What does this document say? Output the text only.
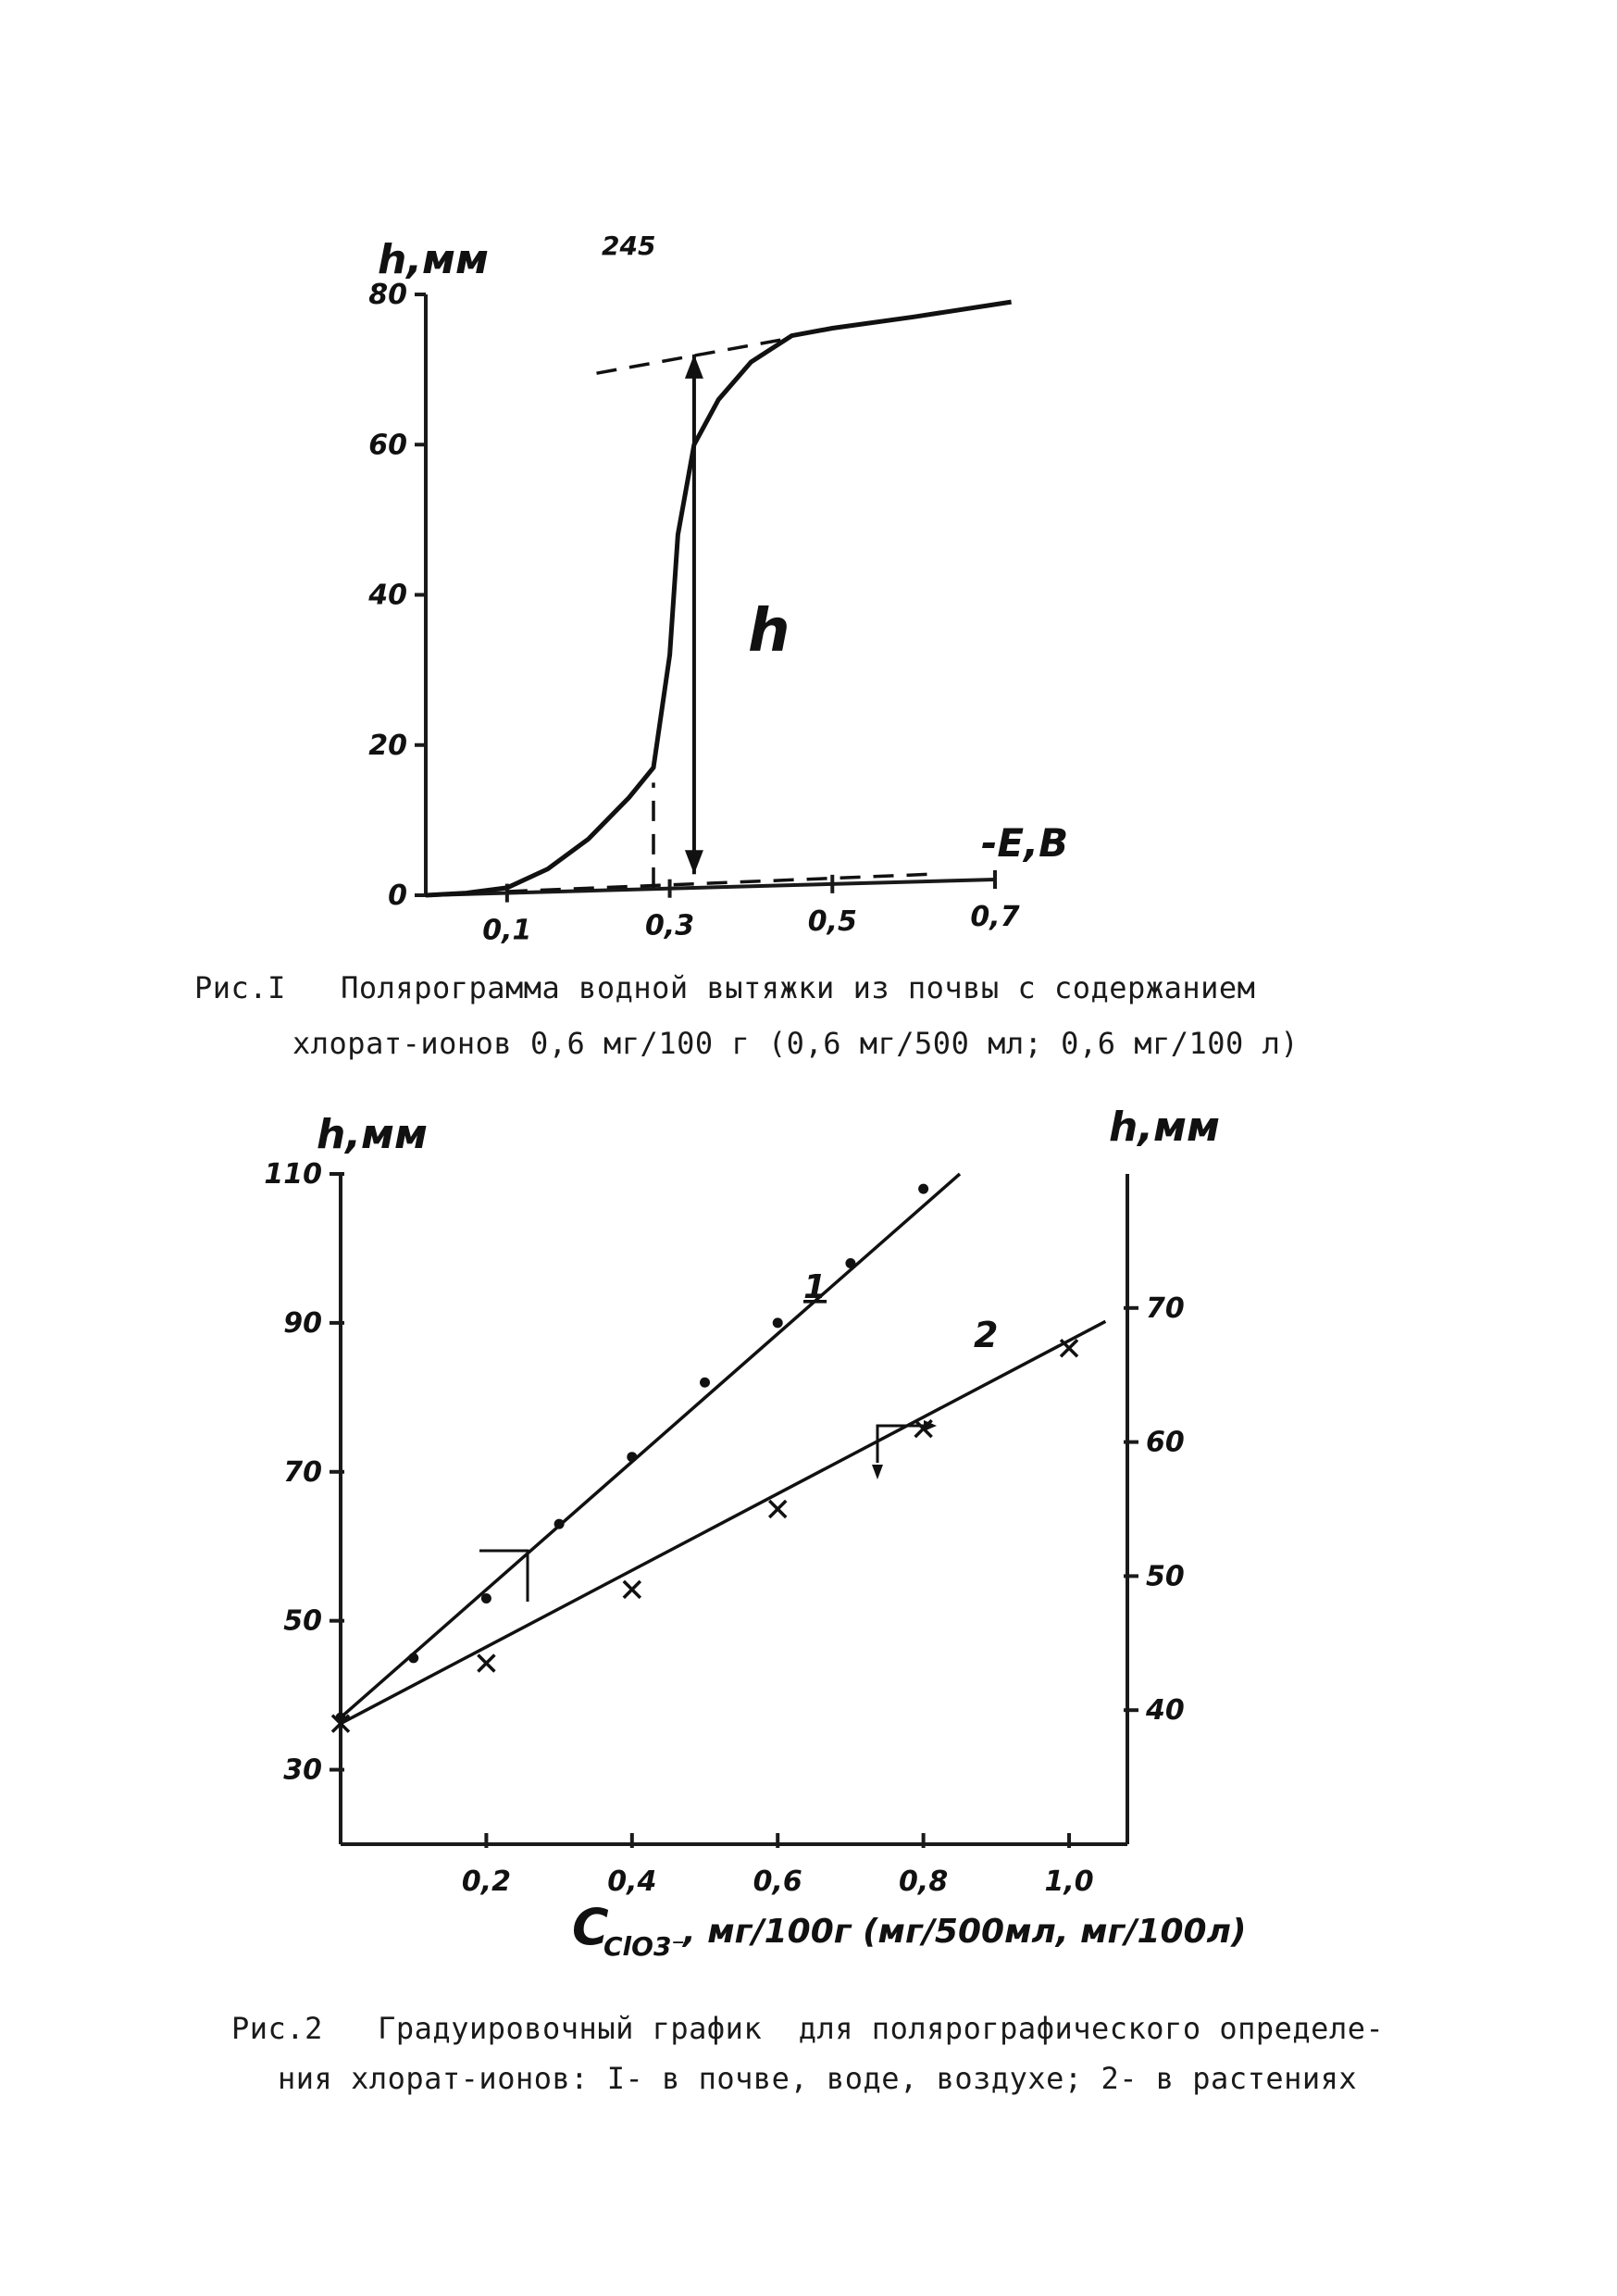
245
0
20
40
60
80
0,1	0,3	0,5	0,7
h,мм
-E,B
h
30
50
70
90
110
40
50
60
70
0,2	0,4	0,6	0,8	1,0
h,мм	h,мм
1
2
C
ClO3⁻
, мг/100г (мг/500мл, мг/100л)
Рис.I   Полярограмма водной вытяжки из почвы с содержанием
хлорат-ионов 0,6 мг/100 г (0,6 мг/500 мл; 0,6 мг/100 л)
Рис.2   Градуировочный график  для полярографического определе-
ния хлорат-ионов: I- в почве, воде, воздухе; 2- в растениях
